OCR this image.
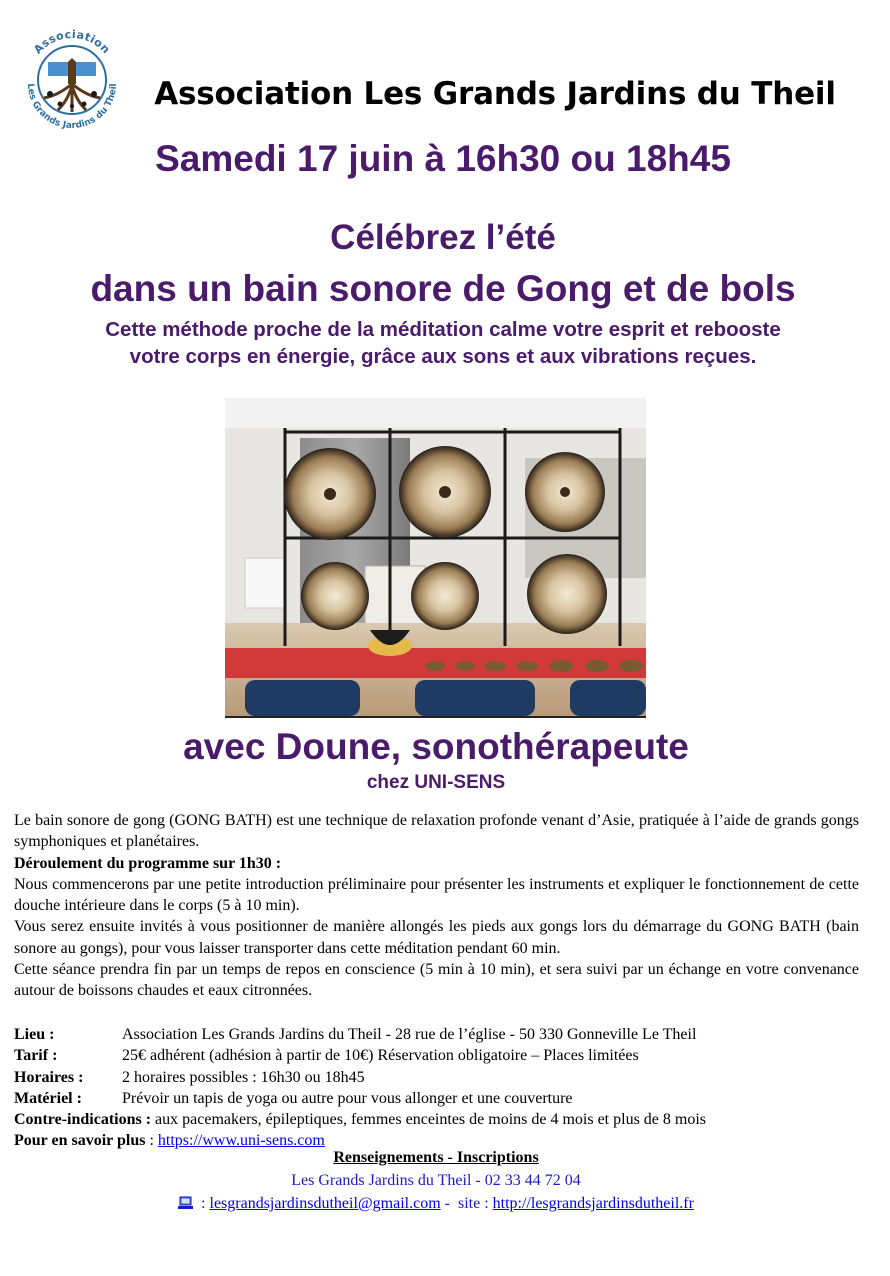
Association
Les Grands Jardins du Theil	Association Les Grands Jardins du Theil
Samedi 17 juin à 16h30 ou 18h45
Célébrez l’été
dans un bain sonore de Gong et de bols
Cette méthode proche de la méditation calme votre esprit et rebooste
votre corps en énergie, grâce aux sons et aux vibrations reçues.
avec Doune, sonothérapeute
chez UNI-SENS

Le bain sonore de gong (GONG BATH) est une technique de relaxation profonde venant d’Asie, pratiquée à l’aide de grands gongs symphoniques et planétaires.

Déroulement du programme sur 1h30 :

Nous commencerons par une petite introduction préliminaire pour présenter les instruments et expliquer le fonctionnement de cette douche intérieure dans le corps (5 à 10 min).

Vous serez ensuite invités à vous positionner de manière allongés les pieds aux gongs lors du démarrage du GONG BATH (bain sonore au gongs), pour vous laisser transporter dans cette méditation pendant 60 min.

Cette séance prendra fin par un temps de repos en conscience (5 min à 10 min), et sera suivi par un échange en votre convenance autour de boissons chaudes et eaux citronnées.

Lieu :	Association Les Grands Jardins du Theil - 28 rue de l’église - 50 330 Gonneville Le Theil
Tarif :	25€ adhérent (adhésion à partir de 10€) Réservation obligatoire – Places limitées
Horaires :	2 horaires possibles : 16h30 ou 18h45
Matériel :	Prévoir un tapis de yoga ou autre pour vous allonger et une couverture
Contre-indications : aux pacemakers, épileptiques, femmes enceintes de moins de 4 mois et plus de 8 mois
Pour en savoir plus : https://www.uni-sens.com
Renseignements - Inscriptions
Les Grands Jardins du Theil - 02 33 44 72 04
: lesgrandsjardinsdutheil@gmail.com -  site : http://lesgrandsjardinsdutheil.fr
